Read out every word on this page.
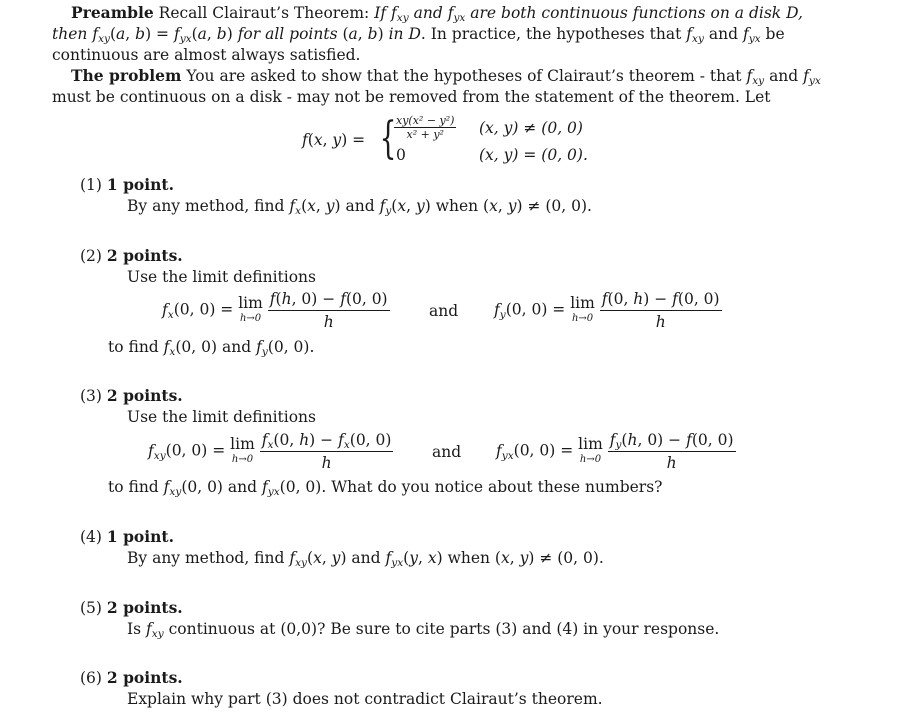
Preamble Recall Clairaut’s Theorem: If $f_{xy}$ and $f_{yx}$ are both continuous functions on a disk D,
then $f_{xy}(a$, $b) = f_{yx}(a$, b) for all points (a, b) in D. In practice, the hypotheses that $f_{xy}$ and $f_{yx}$ be
continuous are almost always satisfied.
The problem You are asked to show that the hypotheses of Clairaut’s theorem - that $f_{xy}$ and $f_{yx}$
must be continuous on a disk - may not be removed from the statement of the theorem. Let
f(x, y) = {
$\frac{\text{xy(x² − y²)}}{\text{x² + y²}} (x$, y) ≠ (0, 0)
0	(x, y) = (0, 0).
(1) 1 point.
By any method, find $f_x(x$, y) and $f_y(x$, y) when (x, y) ≠ (0, 0).
(2) 2 points.
Use the limit definitions
$f_x(0$, 0) = lim
h→0
$\frac{f(h, 0) - f(0, 0)}{h}$	and $f_y(0$, 0) = lim
h→0
$\frac{f(0, h) - f(0, 0)}{h}$
to find $f_x(0$, 0) and $f_y(0$, 0).
(3) 2 points.
Use the limit definitions
$f_{xy}(0$, 0) = lim
h→0
$\frac{f_x(0, h) - f_x(0, 0)}{h}$ and $f_{yx}(0$, 0) = lim
h→0
$\frac{f_y(h, 0) - f(0, 0)}{h}$
to find $f_{xy}(0$, 0) and $f_{yx}(0$, 0). What do you notice about these numbers?
(4) 1 point.
By any method, find $f_{xy}(x$, y) and $f_{yx}(y$, x) when (x, y) ≠ (0, 0).
(5) 2 points.
Is $f_{xy}$ continuous at (0,0)? Be sure to cite parts (3) and (4) in your response.
(6) 2 points.
Explain why part (3) does not contradict Clairaut’s theorem.
